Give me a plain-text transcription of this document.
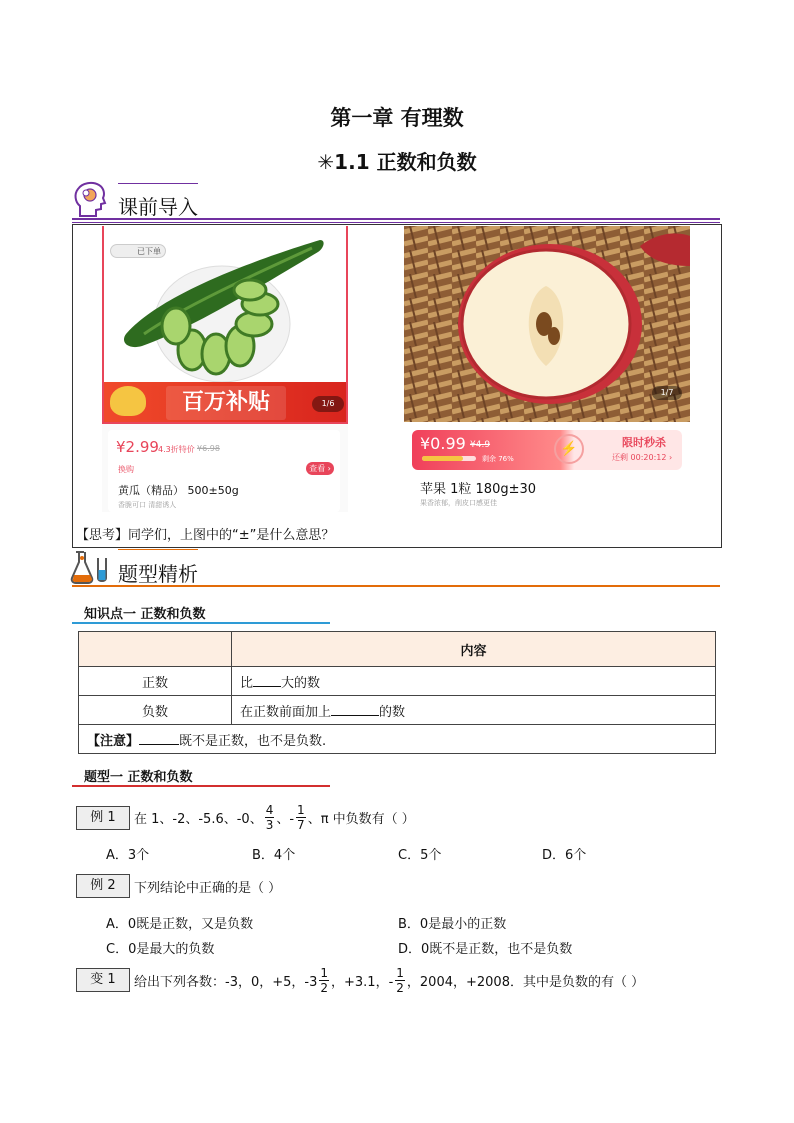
第一章 有理数
✳1.1 正数和负数
课前导入
已下单
百万补贴	1/6
¥2.99 4.3折特价 ¥6.98
换购	查看 ›
黄瓜（精品） 500±50g
香脆可口 清甜诱人
1/7
¥0.99 ¥4.9
剩余 76%
⚡	限时秒杀
还剩 00:20:12 ›
苹果 1粒 180g±30
果香浓郁，削皮口感更佳
【思考】同学们，上图中的“±”是什么意思？
题型精析
知识点一 正数和负数
	内容
正数	比 大的数
负数	在正数前面加上 的数
【注意】 既不是正数，也不是负数.	
题型一 正数和负数
例 1	在 1、-2、-5.6、-0、 $\frac{4}{3}$ 、- $\frac{1}{7}$ 、π 中负数有（ ）
A．3个	B．4个	C．5个	D．6个
例 2	下列结论中正确的是（ ）
A．0既是正数，又是负数	B．0是最小的正数
C．0是最大的负数	D．0既不是正数，也不是负数
变 1	给出下列各数：-3，0，+5，$-3 \frac{1}{2}$ ，+3.1，- $\frac{1}{2}$ ，2004，+2008．其中是负数的有（ ）
